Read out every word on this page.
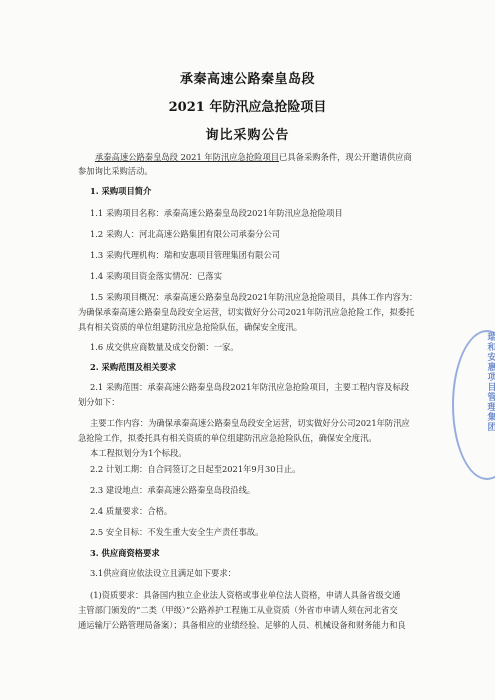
承秦高速公路秦皇岛段
2021 年防汛应急抢险项目
询比采购公告
承秦高速公路秦皇岛段 2021 年防汛应急抢险项目已具备采购条件，现公开邀请供应商
参加询比采购活动。
1. 采购项目简介
1.1 采购项目名称：承秦高速公路秦皇岛段2021年防汛应急抢险项目
1.2 采购人：河北高速公路集团有限公司承秦分公司
1.3 采购代理机构：瑞和安惠项目管理集团有限公司
1.4 采购项目资金落实情况：已落实
1.5 采购项目概况：承秦高速公路秦皇岛段2021年防汛应急抢险项目，具体工作内容为：
为确保承秦高速公路秦皇岛段安全运营，切实做好分公司2021年防汛应急抢险工作，拟委托
具有相关资质的单位组建防汛应急抢险队伍，确保安全度汛。
1.6 成交供应商数量及成交份额：一家。
2. 采购范围及相关要求
2.1 采购范围：承秦高速公路秦皇岛段2021年防汛应急抢险项目，主要工程内容及标段
划分如下：
主要工作内容：为确保承秦高速公路秦皇岛段安全运营，切实做好分公司2021年防汛应
急抢险工作，拟委托具有相关资质的单位组建防汛应急抢险队伍，确保安全度汛。
本工程拟划分为1个标段。
2.2 计划工期：自合同签订之日起至2021年9月30日止。
2.3 建设地点：承秦高速公路秦皇岛段沿线。
2.4 质量要求：合格。
2.5 安全目标：不发生重大安全生产责任事故。
3. 供应商资格要求
3.1供应商应依法设立且满足如下要求：
(1)资质要求：具备国内独立企业法人资格或事业单位法人资格，申请人具备省级交通
主管部门颁发的“二类（甲级）”公路养护工程施工从业资质（外省市申请人须在河北省交
通运输厅公路管理局备案）；具备相应的业绩经验、足够的人员、机械设备和财务能力和良
瑞和安惠项目管理集团
